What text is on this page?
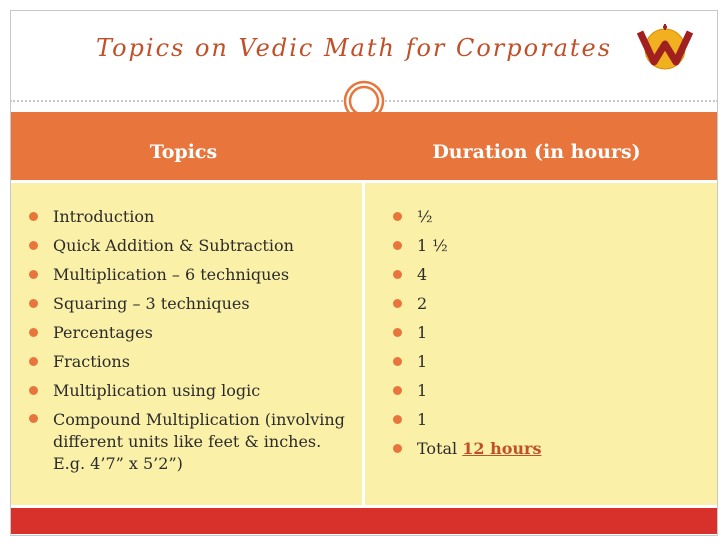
Topics on Vedic Math for Corporates
M
Topics	Duration (in hours)
Introduction
Quick Addition & Subtraction
Multiplication – 6 techniques
Squaring – 3 techniques
Percentages
Fractions
Multiplication using logic
Compound Multiplication (involving different units like feet & inches. E.g. 4’7” x 5’2”)
½
1 ½
4
2
1
1
1
1
Total 12 hours
